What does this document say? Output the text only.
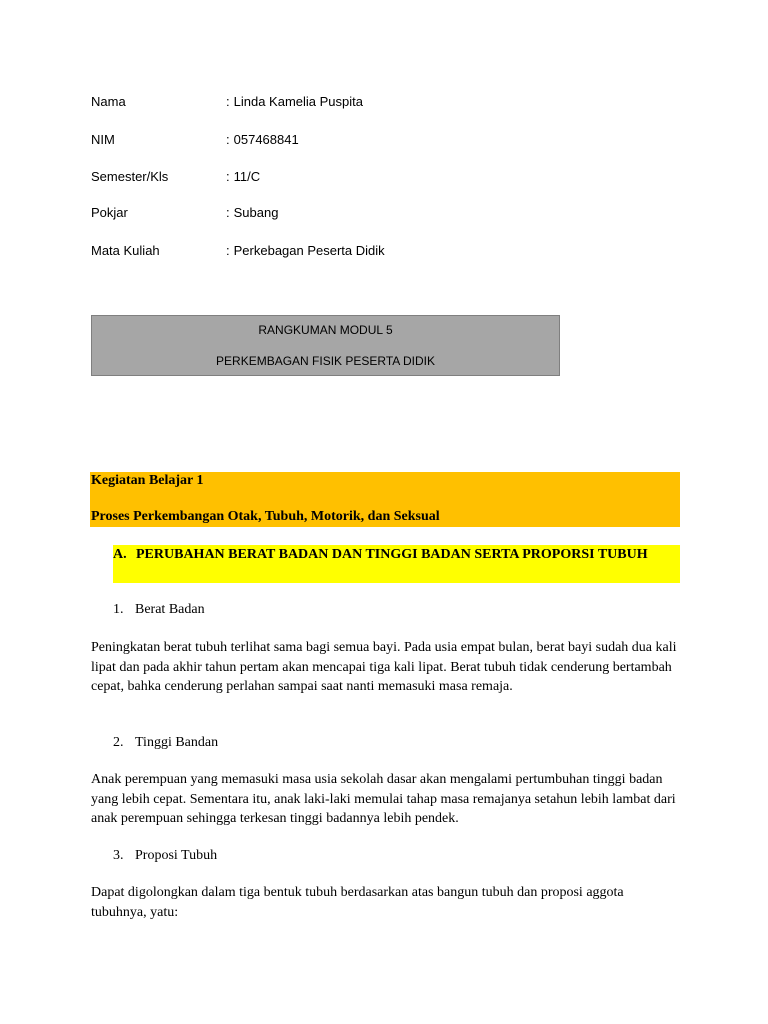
Nama	: Linda Kamelia Puspita
NIM	: 057468841
Semester/Kls	: 11/C
Pokjar	: Subang
Mata Kuliah	: Perkebagan Peserta Didik
RANGKUMAN MODUL 5
PERKEMBAGAN FISIK PESERTA DIDIK
Kegiatan Belajar 1
Proses Perkembangan Otak, Tubuh, Motorik, dan Seksual
A. PERUBAHAN BERAT BADAN DAN TINGGI BADAN SERTA PROPORSI TUBUH
1. Berat Badan
Peningkatan berat tubuh terlihat sama bagi semua bayi. Pada usia empat bulan, berat bayi sudah dua kali lipat dan pada akhir tahun pertam akan mencapai tiga kali lipat. Berat tubuh tidak cenderung bertambah cepat, bahka cenderung perlahan sampai saat nanti memasuki masa remaja.
2. Tinggi Bandan
Anak perempuan yang memasuki masa usia sekolah dasar akan mengalami pertumbuhan tinggi badan yang lebih cepat. Sementara itu, anak laki-laki memulai tahap masa remajanya setahun lebih lambat dari anak perempuan sehingga terkesan tinggi badannya lebih pendek.
3. Proposi Tubuh
Dapat digolongkan dalam tiga bentuk tubuh berdasarkan atas bangun tubuh dan proposi aggota tubuhnya, yatu:
